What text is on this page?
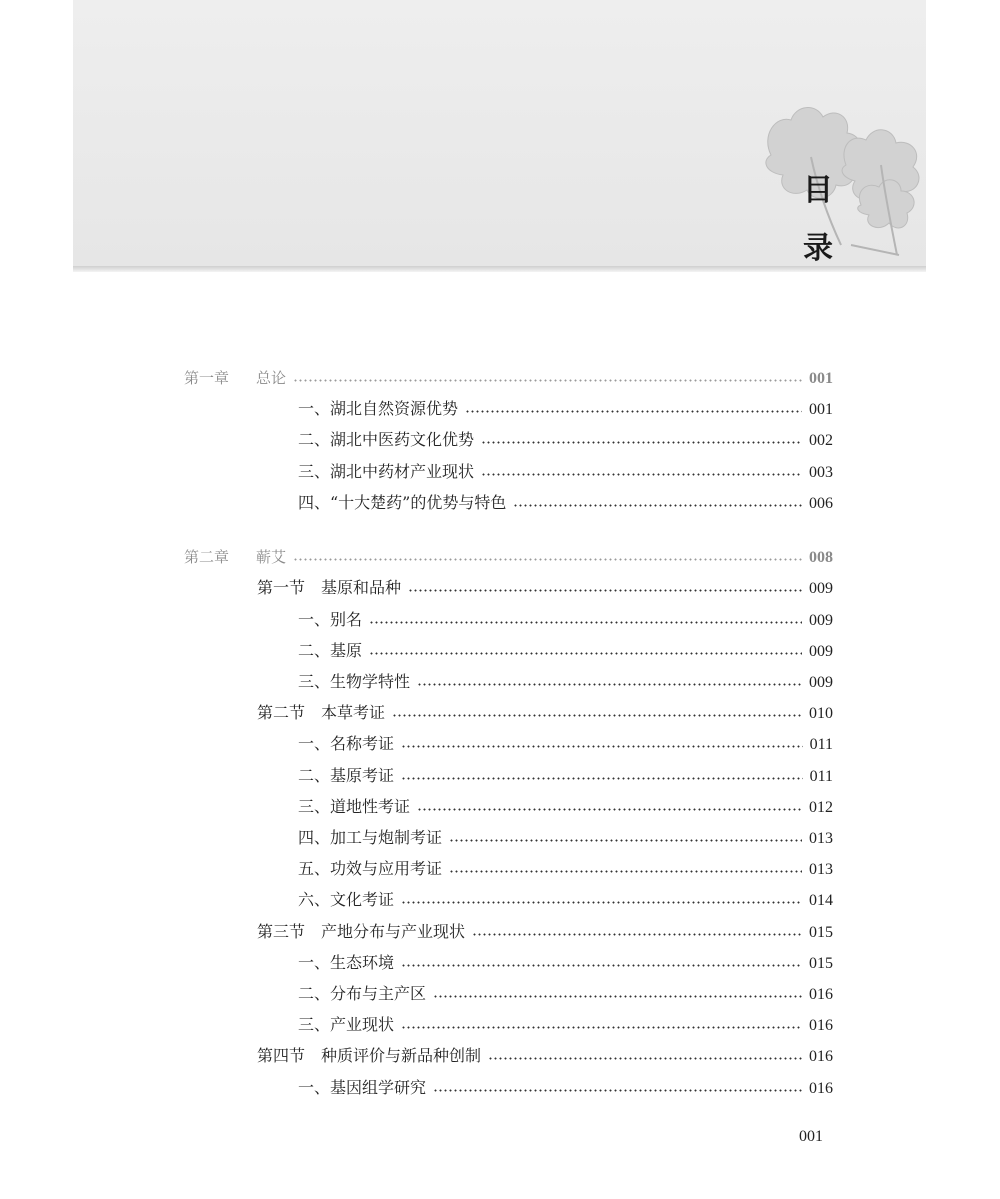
目
录
第一章 总论	001
一、湖北自然资源优势	001
二、湖北中医药文化优势	002
三、湖北中药材产业现状	003
四、“十大楚药”的优势与特色	006
第二章 蕲艾	008
第一节　基原和品种	009
一、别名	009
二、基原	009
三、生物学特性	009
第二节　本草考证	010
一、名称考证	011
二、基原考证	011
三、道地性考证	012
四、加工与炮制考证	013
五、功效与应用考证	013
六、文化考证	014
第三节　产地分布与产业现状	015
一、生态环境	015
二、分布与主产区	016
三、产业现状	016
第四节　种质评价与新品种创制	016
一、基因组学研究	016
001
